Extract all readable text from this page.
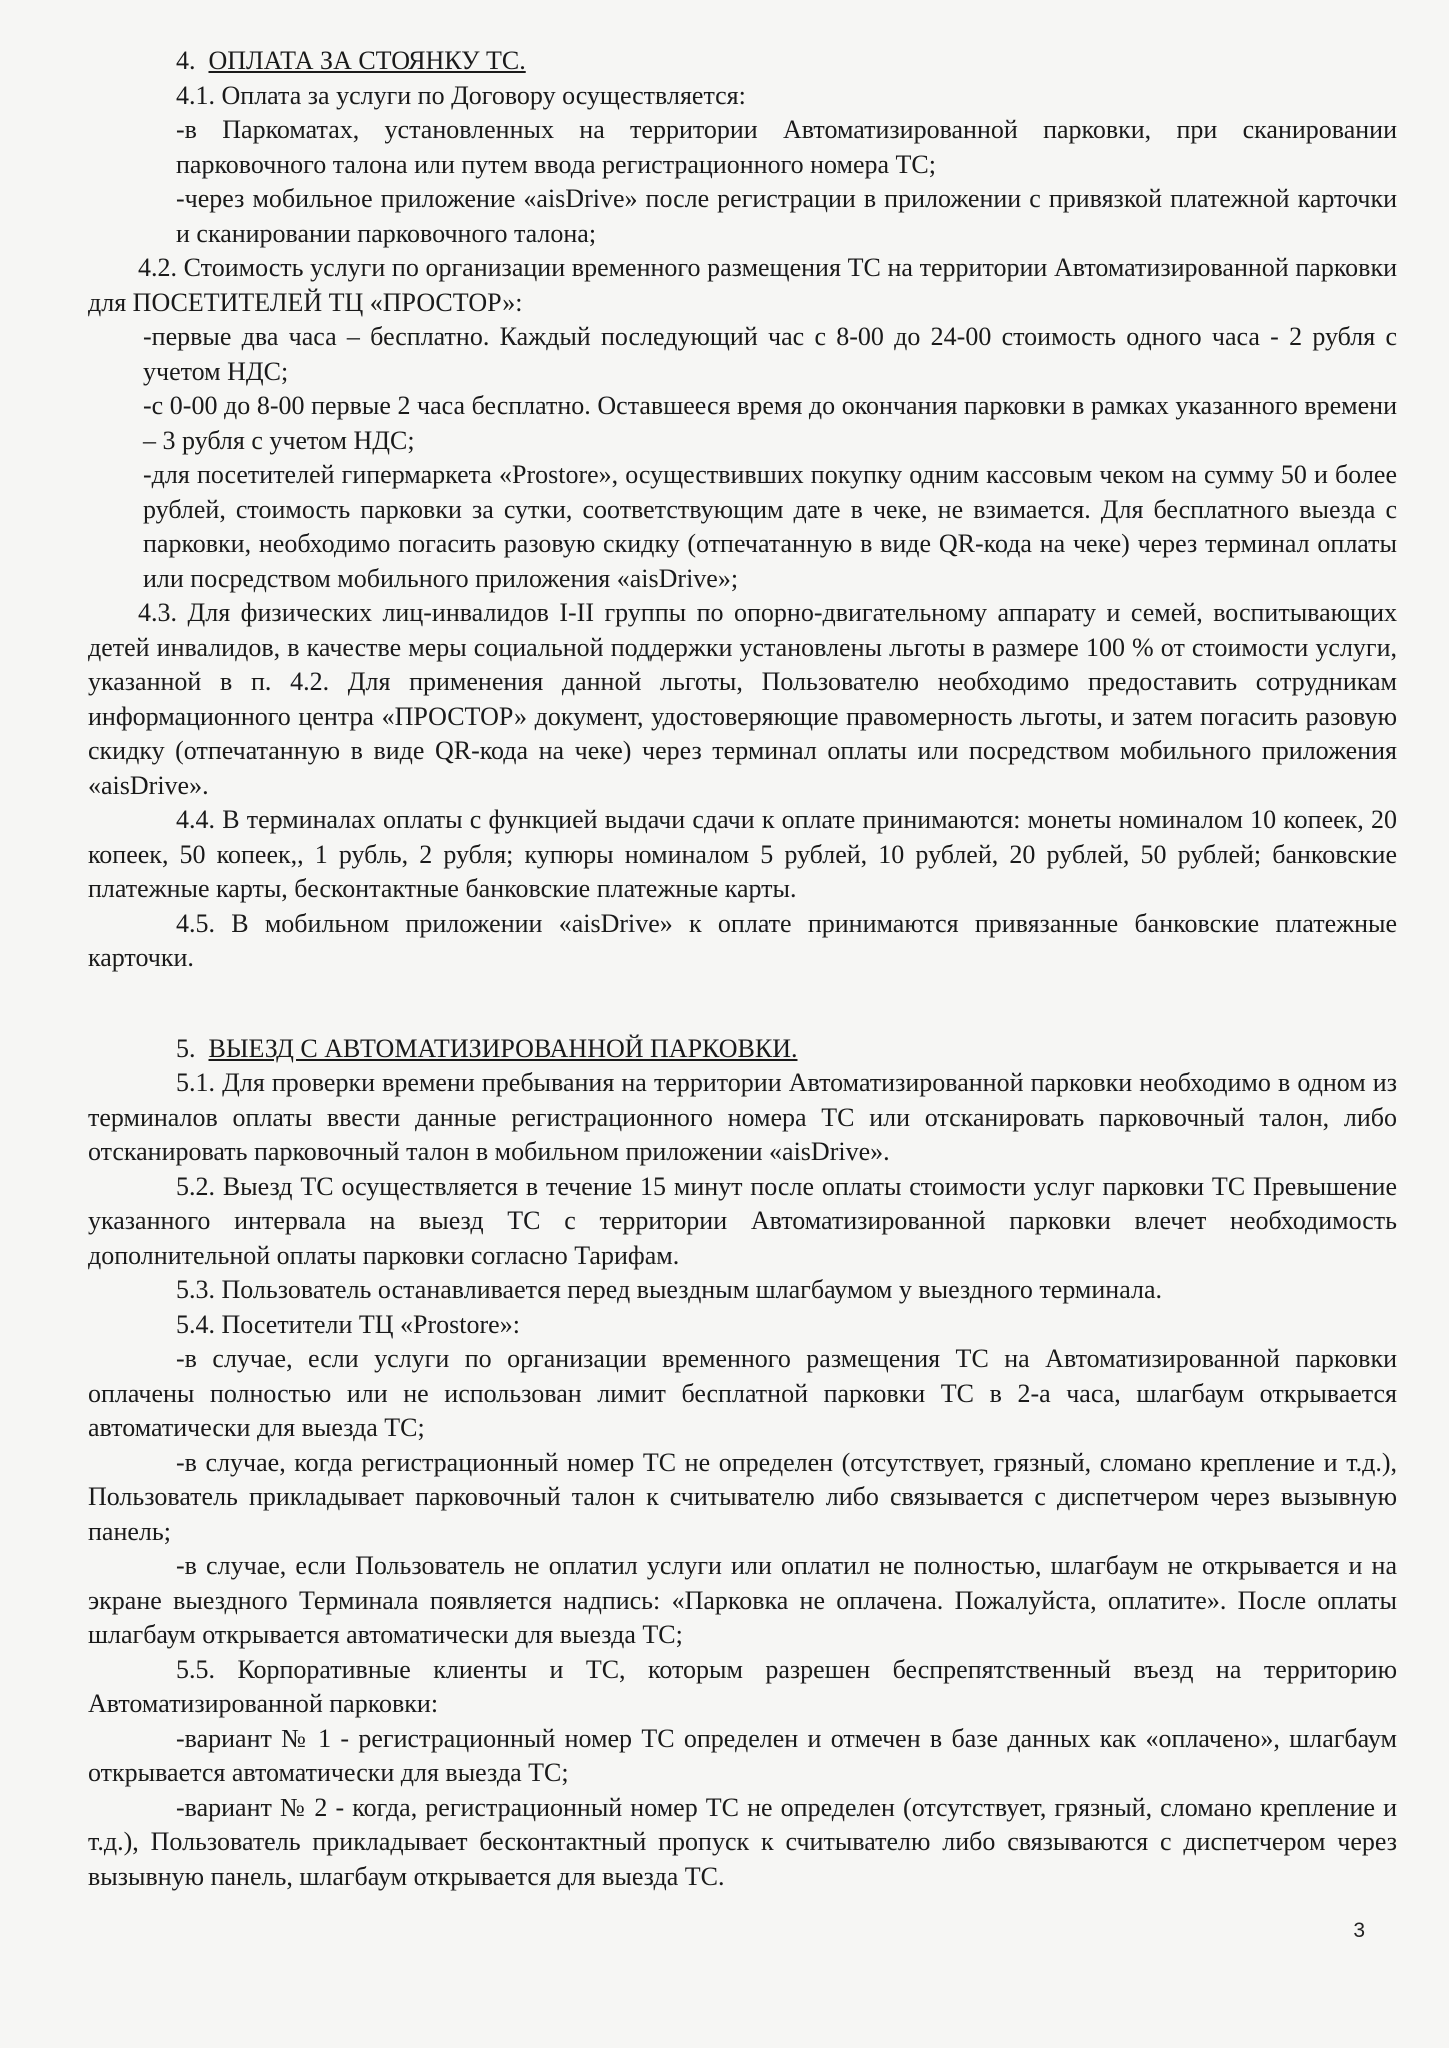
4. ОПЛАТА ЗА СТОЯНКУ ТС.

4.1. Оплата за услуги по Договору осуществляется:

-в Паркоматах, установленных на территории Автоматизированной парковки, при сканировании парковочного талона или путем ввода регистрационного номера ТС;

-через мобильное приложение «aisDrive» после регистрации в приложении с привязкой платежной карточки и сканировании парковочного талона;

4.2. Стоимость услуги по организации временного размещения ТС на территории Автоматизированной парковки для ПОСЕТИТЕЛЕЙ ТЦ «ПРОСТОР»:

-первые два часа – бесплатно. Каждый последующий час с 8-00 до 24-00 стоимость одного часа - 2 рубля с учетом НДС;

-с 0-00 до 8-00 первые 2 часа бесплатно. Оставшееся время до окончания парковки в рамках указанного времени – 3 рубля с учетом НДС;

-для посетителей гипермаркета «Prostore», осуществивших покупку одним кассовым чеком на сумму 50 и более рублей, стоимость парковки за сутки, соответствующим дате в чеке, не взимается. Для бесплатного выезда с парковки, необходимо погасить разовую скидку (отпечатанную в виде QR-кода на чеке) через терминал оплаты или посредством мобильного приложения «aisDrive»;

4.3. Для физических лиц-инвалидов I-II группы по опорно-двигательному аппарату и семей, воспитывающих детей инвалидов, в качестве меры социальной поддержки установлены льготы в размере 100 % от стоимости услуги, указанной в п. 4.2. Для применения данной льготы, Пользователю необходимо предоставить сотрудникам информационного центра «ПРОСТОР» документ, удостоверяющие правомерность льготы, и затем погасить разовую скидку (отпечатанную в виде QR-кода на чеке) через терминал оплаты или посредством мобильного приложения «aisDrive».

4.4. В терминалах оплаты с функцией выдачи сдачи к оплате принимаются: монеты номиналом 10 копеек, 20 копеек, 50 копеек,, 1 рубль, 2 рубля; купюры номиналом 5 рублей, 10 рублей, 20 рублей, 50 рублей; банковские платежные карты, бесконтактные банковские платежные карты.

4.5. В мобильном приложении «aisDrive» к оплате принимаются привязанные банковские платежные карточки.

5. ВЫЕЗД С АВТОМАТИЗИРОВАННОЙ ПАРКОВКИ.

5.1. Для проверки времени пребывания на территории Автоматизированной парковки необходимо в одном из терминалов оплаты ввести данные регистрационного номера ТС или отсканировать парковочный талон, либо отсканировать парковочный талон в мобильном приложении «aisDrive».

5.2. Выезд ТС осуществляется в течение 15 минут после оплаты стоимости услуг парковки ТС Превышение указанного интервала на выезд ТС с территории Автоматизированной парковки влечет необходимость дополнительной оплаты парковки согласно Тарифам.

5.3. Пользователь останавливается перед выездным шлагбаумом у выездного терминала.

5.4. Посетители ТЦ «Prostore»:

-в случае, если услуги по организации временного размещения ТС на Автоматизированной парковки оплачены полностью или не использован лимит бесплатной парковки ТС в 2-а часа, шлагбаум открывается автоматически для выезда ТС;

-в случае, когда регистрационный номер ТС не определен (отсутствует, грязный, сломано крепление и т.д.), Пользователь прикладывает парковочный талон к считывателю либо связывается с диспетчером через вызывную панель;

-в случае, если Пользователь не оплатил услуги или оплатил не полностью, шлагбаум не открывается и на экране выездного Терминала появляется надпись: «Парковка не оплачена. Пожалуйста, оплатите». После оплаты шлагбаум открывается автоматически для выезда ТС;

5.5. Корпоративные клиенты и ТС, которым разрешен беспрепятственный въезд на территорию Автоматизированной парковки:

-вариант № 1 - регистрационный номер ТС определен и отмечен в базе данных как «оплачено», шлагбаум открывается автоматически для выезда ТС;

-вариант № 2 - когда, регистрационный номер ТС не определен (отсутствует, грязный, сломано крепление и т.д.), Пользователь прикладывает бесконтактный пропуск к считывателю либо связываются с диспетчером через вызывную панель, шлагбаум открывается для выезда ТС.

3
